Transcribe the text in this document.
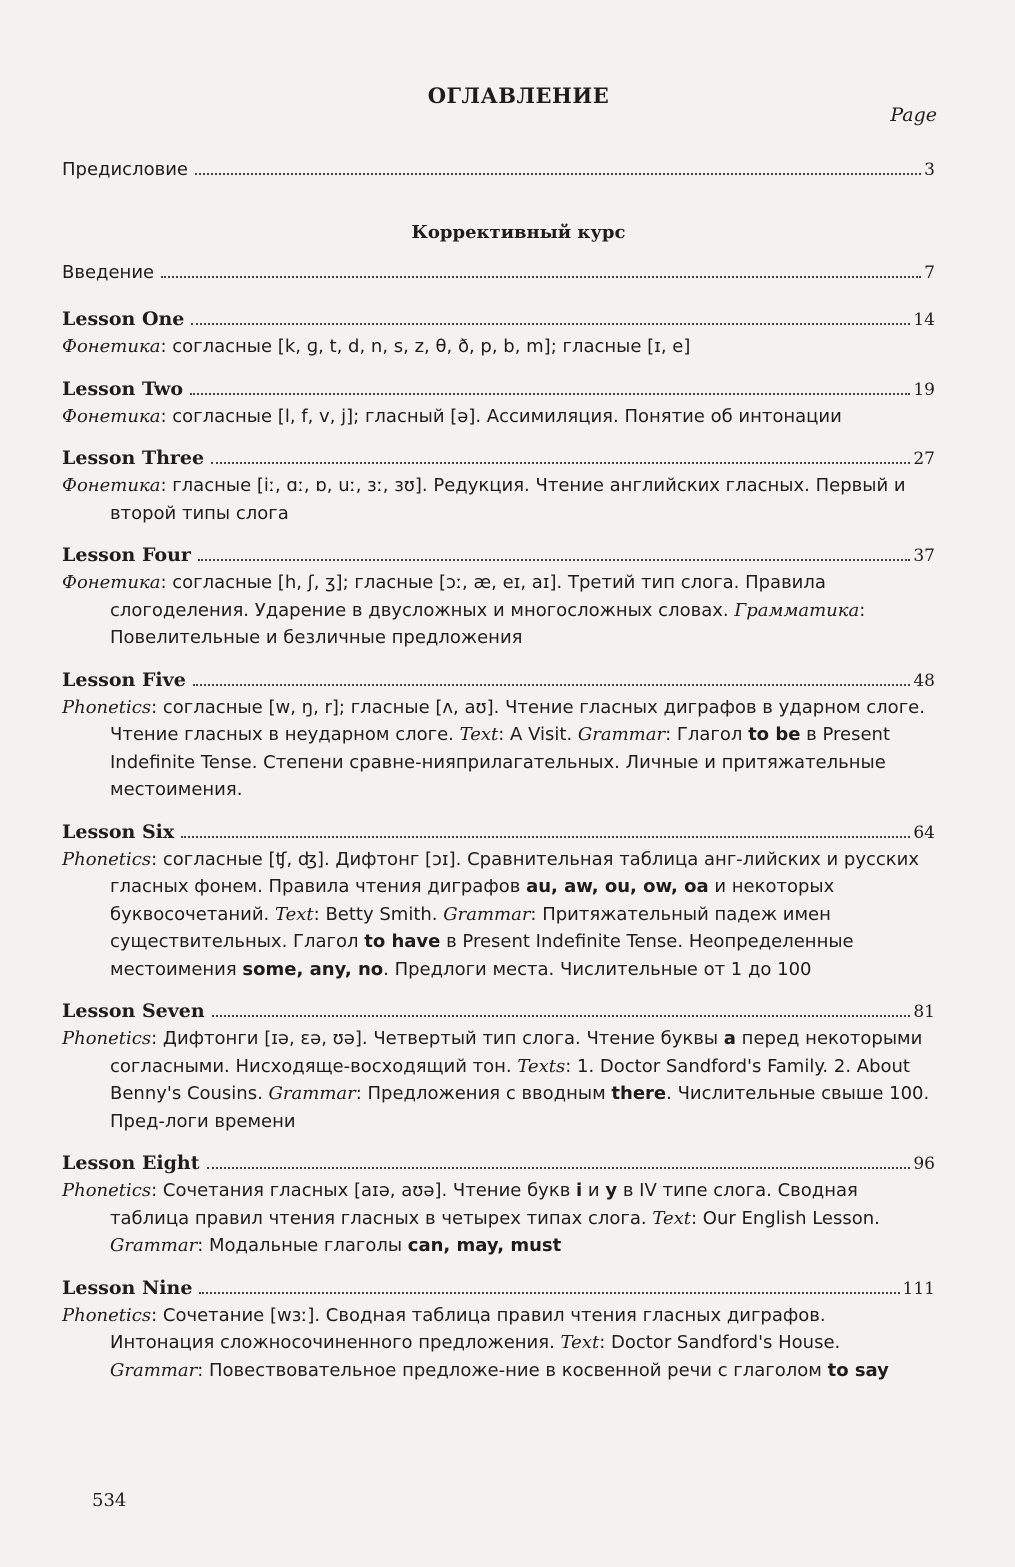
ОГЛАВЛЕНИЕ
Page
Предисловие	3
Коррективный курс
Введение	7
Lesson One	14
Фонетика: согласные [k, ɡ, t, d, n, s, z, θ, ð, p, b, m]; гласные [ɪ, e]
Lesson Two	19
Фонетика: согласные [l, f, v, j]; гласный [ə]. Ассимиляция. Понятие об интонации
Lesson Three	27
Фонетика: гласные [iː, ɑː, ɒ, uː, ɜː, ɜʊ]. Редукция. Чтение английских гласных. Первый и второй типы слога
Lesson Four	37
Фонетика: согласные [h, ʃ, ʒ]; гласные [ɔː, æ, eɪ, aɪ]. Третий тип слога. Правила слогоделения. Ударение в двусложных и многосложных словах. Грамматика: Повелительные и безличные предложения
Lesson Five	48
Phonetics: согласные [w, ŋ, r]; гласные [ʌ, aʊ]. Чтение гласных диграфов в ударном слоге. Чтение гласных в неударном слоге. Text: A Visit. Grammar: Глагол to be в Present Indefinite Tense. Степени сравне-нияприлагательных. Личные и притяжательные местоимения.
Lesson Six	64
Phonetics: согласные [ʧ, ʤ]. Дифтонг [ɔɪ]. Сравнительная таблица анг-лийских и русских гласных фонем. Правила чтения диграфов au, aw, ou, ow, oa и некоторых буквосочетаний. Text: Betty Smith. Grammar: Притяжательный падеж имен существительных. Глагол to have в Present Indefinite Tense. Неопределенные местоимения some, any, no. Предлоги места. Числительные от 1 до 100
Lesson Seven	81
Phonetics: Дифтонги [ɪə, ɛə, ʊə]. Четвертый тип слога. Чтение буквы a перед некоторыми согласными. Нисходяще-восходящий тон. Texts: 1. Doctor Sandford's Family. 2. About Benny's Cousins. Grammar: Предложения с вводным there. Числительные свыше 100. Пред-логи времени
Lesson Eight	96
Phonetics: Сочетания гласных [aɪə, aʊə]. Чтение букв i и y в IV типе слога. Сводная таблица правил чтения гласных в четырех типах слога. Text: Our English Lesson. Grammar: Модальные глаголы can, may, must
Lesson Nine	111
Phonetics: Сочетание [wɜː]. Сводная таблица правил чтения гласных диграфов. Интонация сложносочиненного предложения. Text: Doctor Sandford's House. Grammar: Повествовательное предложе-ние в косвенной речи с глаголом to say
534
